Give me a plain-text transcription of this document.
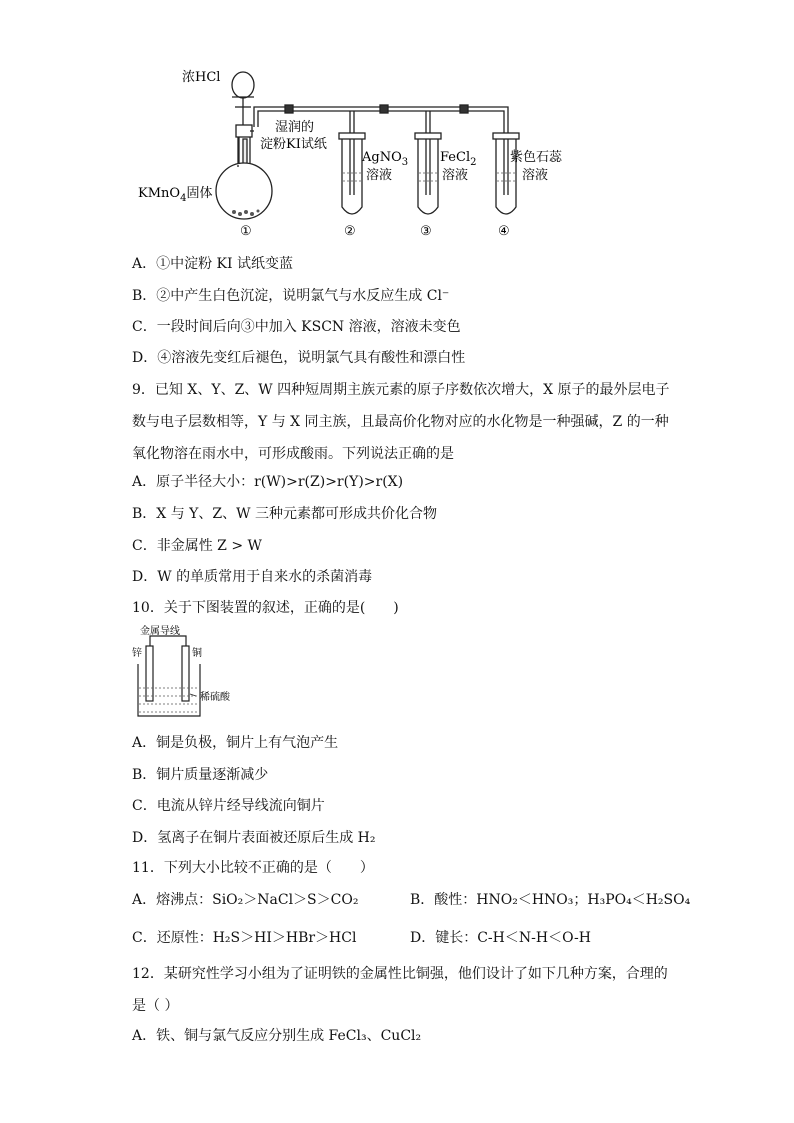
浓HCl
湿润的
淀粉KI试纸
KMnO$_4$固体
AgNO$_3$
溶液
FeCl$_2$
溶液
紫色石蕊
溶液
①	②	③	④
A．①中淀粉 KI 试纸变蓝
B．②中产生白色沉淀，说明氯气与水反应生成 Cl⁻
C．一段时间后向③中加入 KSCN 溶液，溶液未变色
D．④溶液先变红后褪色，说明氯气具有酸性和漂白性
9．已知 X、Y、Z、W 四种短周期主族元素的原子序数依次增大，X 原子的最外层电子数与电子层数相等，Y 与 X 同主族，且最高价化物对应的水化物是一种强碱，Z 的一种氧化物溶在雨水中，可形成酸雨。下列说法正确的是
A．原子半径大小：r(W)>r(Z)>r(Y)>r(X)
B．X 与 Y、Z、W 三种元素都可形成共价化合物
C．非金属性 Z > W
D．W 的单质常用于自来水的杀菌消毒
10．关于下图装置的叙述，正确的是(　　)
金属导线
锌	铜
稀硫酸
A．铜是负极，铜片上有气泡产生
B．铜片质量逐渐减少
C．电流从锌片经导线流向铜片
D．氢离子在铜片表面被还原后生成 H₂
11．下列大小比较不正确的是（　　）
A．熔沸点：SiO₂＞NaCl＞S＞CO₂	B．酸性：HNO₂＜HNO₃；H₃PO₄＜H₂SO₄
C．还原性：H₂S＞HI＞HBr＞HCl	D．键长：C-H＜N-H＜O-H
12．某研究性学习小组为了证明铁的金属性比铜强，他们设计了如下几种方案，合理的是（ ）
A．铁、铜与氯气反应分别生成 FeCl₃、CuCl₂
